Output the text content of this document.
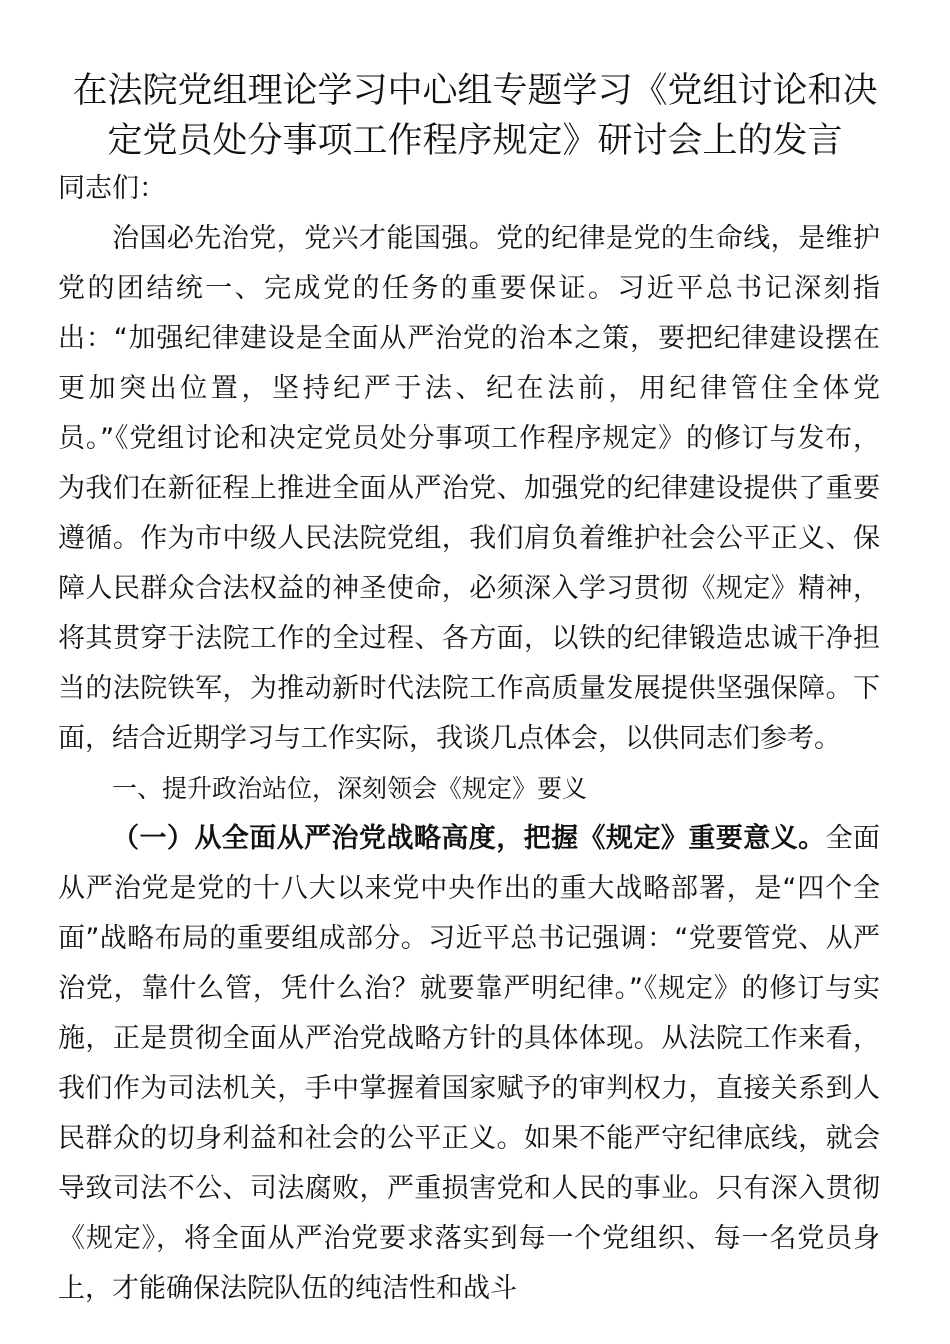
在法院党组理论学习中心组专题学习《党组讨论和决
定党员处分事项工作程序规定》研讨会上的发言

同志们：

治国必先治党，党兴才能国强。党的纪律是党的生命线，是维护党的团结统一、完成党的任务的重要保证。习近平总书记深刻指出：“加强纪律建设是全面从严治党的治本之策，要把纪律建设摆在更加突出位置，坚持纪严于法、纪在法前，用纪律管住全体党员。”《党组讨论和决定党员处分事项工作程序规定》的修订与发布，为我们在新征程上推进全面从严治党、加强党的纪律建设提供了重要遵循。作为市中级人民法院党组，我们肩负着维护社会公平正义、保障人民群众合法权益的神圣使命，必须深入学习贯彻《规定》精神，将其贯穿于法院工作的全过程、各方面，以铁的纪律锻造忠诚干净担当的法院铁军，为推动新时代法院工作高质量发展提供坚强保障。下面，结合近期学习与工作实际，我谈几点体会，以供同志们参考。

一、提升政治站位，深刻领会《规定》要义

（一）从全面从严治党战略高度，把握《规定》重要意义。全面从严治党是党的十八大以来党中央作出的重大战略部署，是“四个全面”战略布局的重要组成部分。习近平总书记强调：“党要管党、从严治党，靠什么管，凭什么治？就要靠严明纪律。”《规定》的修订与实施，正是贯彻全面从严治党战略方针的具体体现。从法院工作来看，我们作为司法机关，手中掌握着国家赋予的审判权力，直接关系到人民群众的切身利益和社会的公平正义。如果不能严守纪律底线，就会导致司法不公、司法腐败，严重损害党和人民的事业。只有深入贯彻《规定》，将全面从严治党要求落实到每一个党组织、每一名党员身上，才能确保法院队伍的纯洁性和战斗
